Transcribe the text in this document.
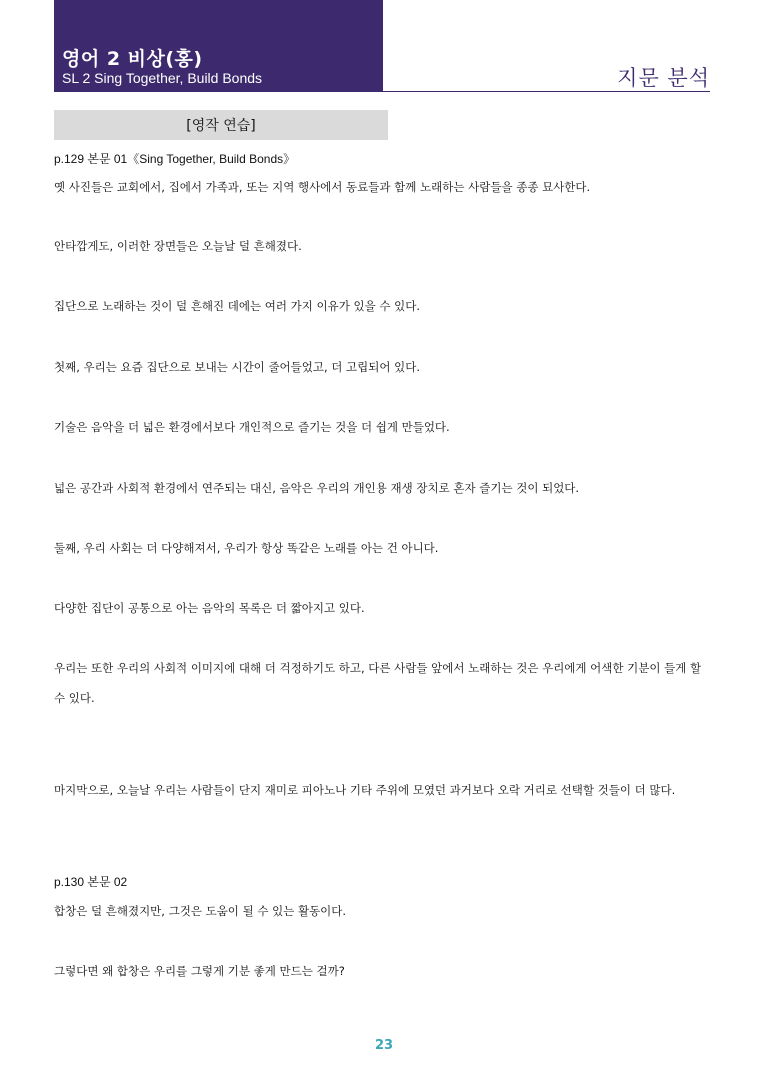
영어 2 비상(홍)
SL 2 Sing Together, Build Bonds	지문 분석
[영작 연습]
p.129 본문 01《Sing Together, Build Bonds》
옛 사진들은 교회에서, 집에서 가족과, 또는 지역 행사에서 동료들과 함께 노래하는 사람들을 종종 묘사한다.
안타깝게도, 이러한 장면들은 오늘날 덜 흔해졌다.
집단으로 노래하는 것이 덜 흔해진 데에는 여러 가지 이유가 있을 수 있다.
첫째, 우리는 요즘 집단으로 보내는 시간이 줄어들었고, 더 고립되어 있다.
기술은 음악을 더 넓은 환경에서보다 개인적으로 즐기는 것을 더 쉽게 만들었다.
넓은 공간과 사회적 환경에서 연주되는 대신, 음악은 우리의 개인용 재생 장치로 혼자 즐기는 것이 되었다.
둘째, 우리 사회는 더 다양해져서, 우리가 항상 똑같은 노래를 아는 건 아니다.
다양한 집단이 공통으로 아는 음악의 목록은 더 짧아지고 있다.
우리는 또한 우리의 사회적 이미지에 대해 더 걱정하기도 하고, 다른 사람들 앞에서 노래하는 것은 우리에게 어색한 기분이 들게 할
수 있다.
마지막으로, 오늘날 우리는 사람들이 단지 재미로 피아노나 기타 주위에 모였던 과거보다 오락 거리로 선택할 것들이 더 많다.
p.130 본문 02
합창은 덜 흔해졌지만, 그것은 도움이 될 수 있는 활동이다.
그렇다면 왜 합창은 우리를 그렇게 기분 좋게 만드는 걸까?
23
